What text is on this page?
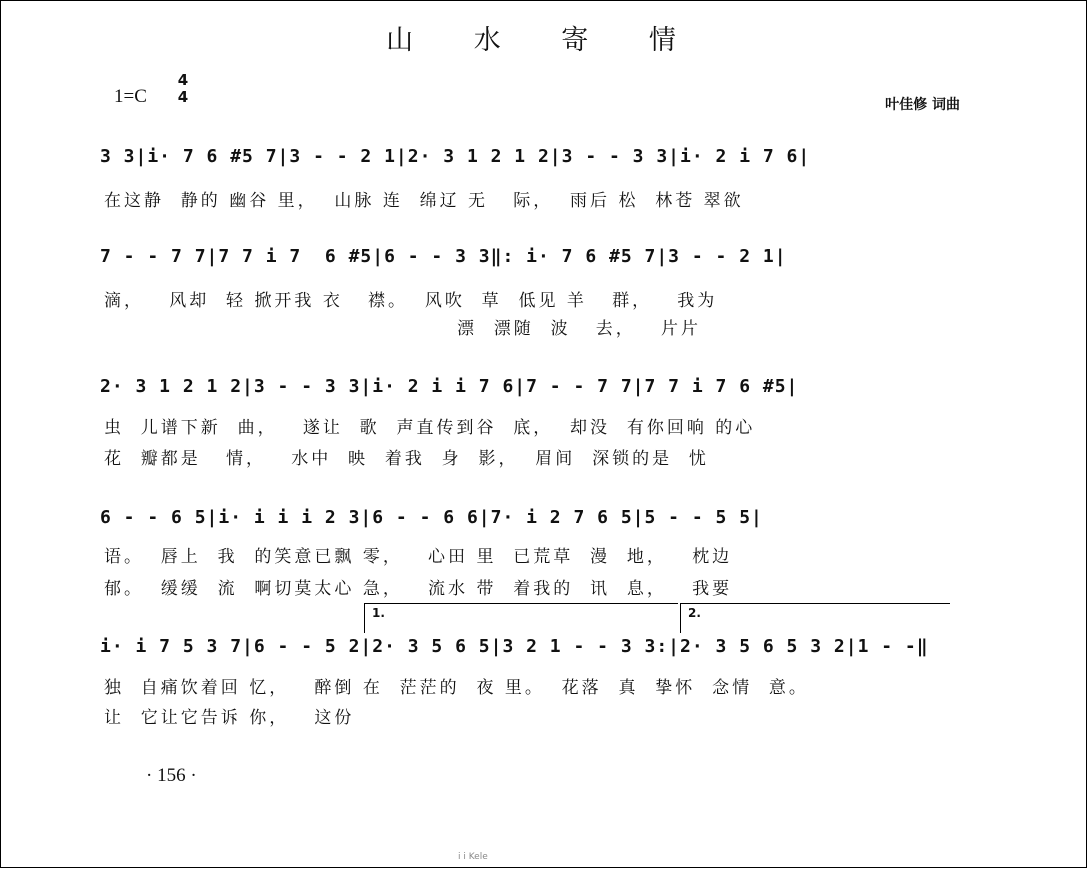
山 水 寄 情
1=C
4
4	叶佳修 词曲
3 3|i· 7 6 #5 7|3 - - 2 1|2· 3 1 2 1 2|3 - - 3 3|i· 2 i 7 6|
在这静  静的 幽谷 里，  山脉 连  绵辽 无   际，  雨后 松  林苍 翠欲
7 - - 7 7|7 7 i 7  6 #5|6 - - 3 3‖: i· 7 6 #5 7|3 - - 2 1|
滴，   风却  轻 掀开我 衣   襟。  风吹  草  低见 羊   群，   我为
漂  漂随  波   去，   片片
2· 3 1 2 1 2|3 - - 3 3|i· 2 i i 7 6|7 - - 7 7|7 7 i 7 6 #5|
虫  儿谱下新  曲，   遂让  歌  声直传到谷  底，  却没  有你回响 的心
花  瓣都是   情，   水中  映  着我  身  影，  眉间  深锁的是  忧
6 - - 6 5|i· i i i 2 3|6 - - 6 6|7· i 2 7 6 5|5 - - 5 5|
语。  唇上  我  的笑意已飘 零，   心田 里  已荒草  漫  地，   枕边
郁。  缓缓  流  啊切莫太心 急，   流水 带  着我的  讯  息，   我要
1.	2.
i· i 7 5 3 7|6 - - 5 2|2· 3 5 6 5|3 2 1 - - 3 3:|2· 3 5 6 5 3 2|1 - -‖
独  自痛饮着回 忆，   醉倒 在  茫茫的  夜 里。  花落  真  挚怀  念情  意。
让  它让它告诉 你，   这份
· 156 ·
i i Kele
